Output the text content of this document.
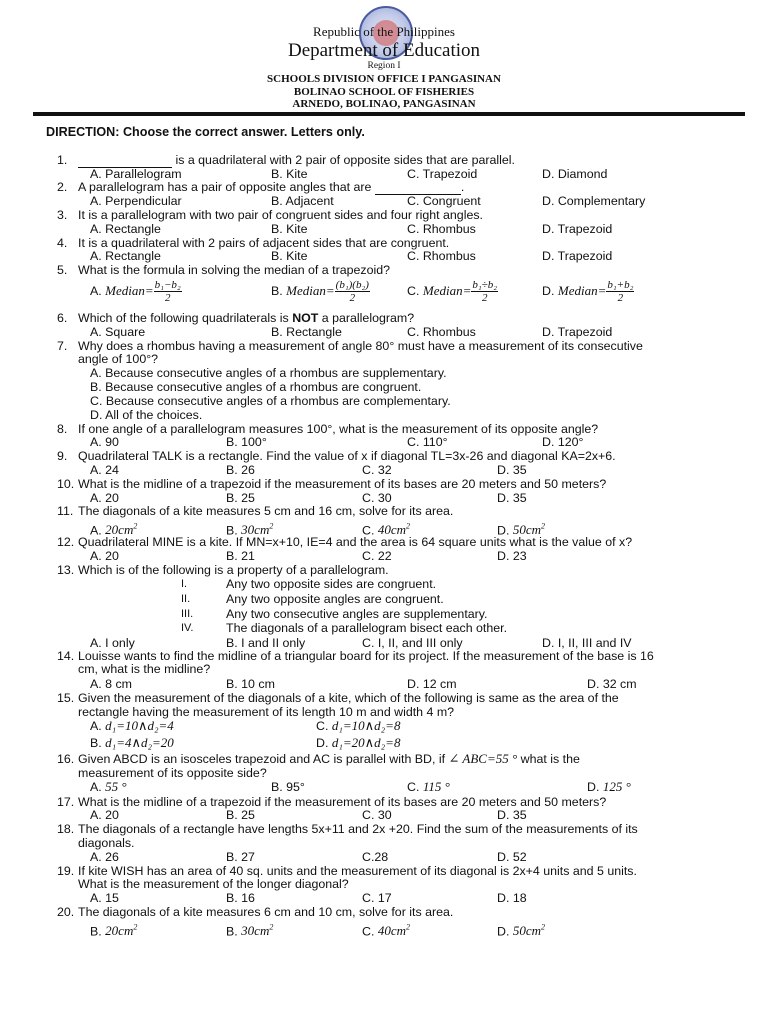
Republic of the Philippines
Department of Education
Region I
SCHOOLS DIVISION OFFICE I PANGASINAN
BOLINAO SCHOOL OF FISHERIES
ARNEDO, BOLINAO, PANGASINAN
DIRECTION: Choose the correct answer. Letters only.
1.	is a quadrilateral with 2 pair of opposite sides that are parallel.
A. Parallelogram	B. Kite	C. Trapezoid	D. Diamond
2. A parallelogram has a pair of opposite angles that are	.
A. Perpendicular	B. Adjacent	C. Congruent	D. Complementary
3. It is a parallelogram with two pair of congruent sides and four right angles.
A. Rectangle	B. Kite	C. Rhombus	D. Trapezoid
4. It is a quadrilateral with 2 pairs of adjacent sides that are congruent.
A. Rectangle	B. Kite	C. Rhombus	D. Trapezoid
5. What is the formula in solving the median of a trapezoid?
A. Median= $\frac{\text{b₁−b₂}}{2}$	B. Median= $\frac{\text{(b₁)(b₂)}}{2}$	C. Median= $\frac{\text{b₁÷b₂}}{2}$	D. Median= $\frac{\text{b₁+b₂}}{2}$
6. Which of the following quadrilaterals is NOT a parallelogram?
A. Square	B. Rectangle	C. Rhombus	D. Trapezoid
7. Why does a rhombus having a measurement of angle 80° must have a measurement of its consecutive
angle of 100°?
A. Because consecutive angles of a rhombus are supplementary.
B. Because consecutive angles of a rhombus are congruent.
C. Because consecutive angles of a rhombus are complementary.
D. All of the choices.
8. If one angle of a parallelogram measures 100°, what is the measurement of its opposite angle?
A. 90	B. 100°	C. 110°	D. 120°
9. Quadrilateral TALK is a rectangle. Find the value of x if diagonal TL=3x-26 and diagonal KA=2x+6.
A. 24	B. 26	C. 32	D. 35
10. What is the midline of a trapezoid if the measurement of its bases are 20 meters and 50 meters?
A. 20	B. 25	C. 30	D. 35
11. The diagonals of a kite measures 5 cm and 16 cm, solve for its area.
A. $20cm^2$	B. $30cm^2$	C. $40cm^2$	D. $50cm^2$
12. Quadrilateral MINE is a kite. If MN=x+10, IE=4 and the area is 64 square units what is the value of x?
A. 20	B. 21	C. 22	D. 23
13. Which is of the following is a property of a parallelogram.
I.	Any two opposite sides are congruent.
II.	Any two opposite angles are congruent.
III.	Any two consecutive angles are supplementary.
IV.	The diagonals of a parallelogram bisect each other.
A. I only	B. I and II only	C. I, II, and III only	D. I, II, III and IV
14. Louisse wants to find the midline of a triangular board for its project. If the measurement of the base is 16
cm, what is the midline?
A. 8 cm	B. 10 cm	D. 12 cm	D. 32 cm
15. Given the measurement of the diagonals of a kite, which of the following is same as the area of the
rectangle having the measurement of its length 10 m and width 4 m?
A. d₁=10∧d₂=4	C. d₁=10∧d₂=8
B. d₁=4∧d₂=20	D. d₁=20∧d₂=8
16. Given ABCD is an isosceles trapezoid and AC is parallel with BD, if ∠ ABC=55 ° what is the
measurement of its opposite side?
A. 55 °	B. 95°	C. 115 °	D. 125 °
17. What is the midline of a trapezoid if the measurement of its bases are 20 meters and 50 meters?
A. 20	B. 25	C. 30	D. 35
18. The diagonals of a rectangle have lengths 5x+11 and 2x +20. Find the sum of the measurements of its
diagonals.
A. 26	B. 27	C.28	D. 52
19. If kite WISH has an area of 40 sq. units and the measurement of its diagonal is 2x+4 units and 5 units.
What is the measurement of the longer diagonal?
A. 15	B. 16	C. 17	D. 18
20. The diagonals of a kite measures 6 cm and 10 cm, solve for its area.
B. $20cm^2$	B. $30cm^2$	C. $40cm^2$	D. $50cm^2$
